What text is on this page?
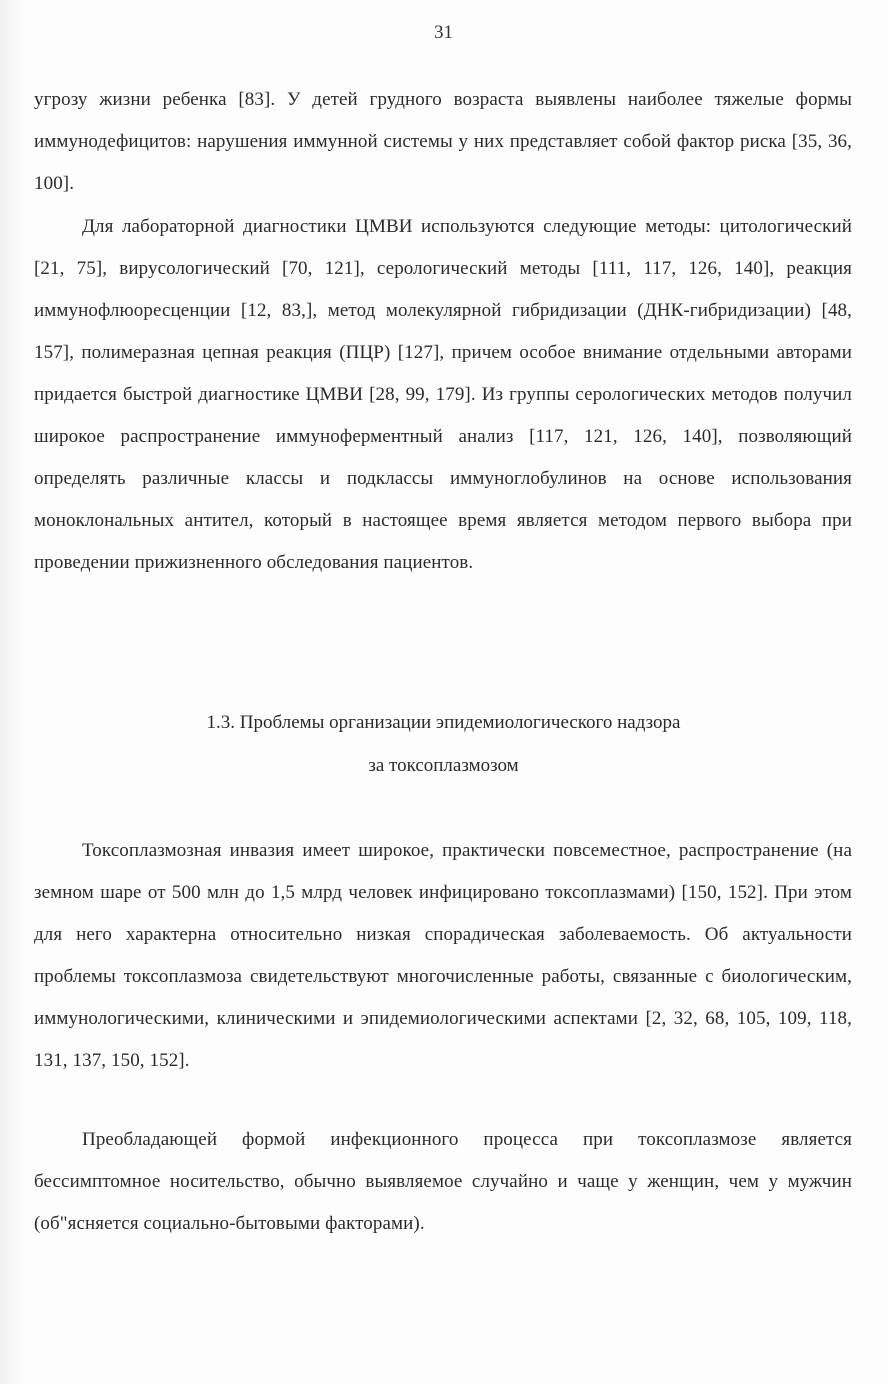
31

угрозу жизни ребенка [83]. У детей грудного возраста выявлены наиболее тяжелые формы иммунодефицитов: нарушения иммунной системы у них представляет собой фактор риска [35, 36, 100].

Для лабораторной диагностики ЦМВИ используются следующие методы: цитологический [21, 75], вирусологический [70, 121], серологический методы [111, 117, 126, 140], реакция иммунофлюоресценции [12, 83,], метод молекулярной гибридизации (ДНК-гибридизации) [48, 157], полимеразная цепная реакция (ПЦР) [127], причем особое внимание отдельными авторами придается быстрой диагностике ЦМВИ [28, 99, 179]. Из группы серологических методов получил широкое распространение иммуноферментный анализ [117, 121, 126, 140], позволяющий определять различные классы и подклассы иммуноглобулинов на основе использования моноклональных антител, который в настоящее время является методом первого выбора при проведении прижизненного обследования пациентов.

1.3. Проблемы организации эпидемиологического надзора
за токсоплазмозом

Токсоплазмозная инвазия имеет широкое, практически повсеместное, распространение (на земном шаре от 500 млн до 1,5 млрд человек инфицировано токсоплазмами) [150, 152]. При этом для него характерна относительно низкая спорадическая заболеваемость. Об актуальности проблемы токсоплазмоза свидетельствуют многочисленные работы, связанные с биологическим, иммунологическими, клиническими и эпидемиологическими аспектами [2, 32, 68, 105, 109, 118, 131, 137, 150, 152].

Преобладающей формой инфекционного процесса при токсоплазмозе является бессимптомное носительство, обычно выявляемое случайно и чаще у женщин, чем у мужчин (об"ясняется социально-бытовыми факторами).
